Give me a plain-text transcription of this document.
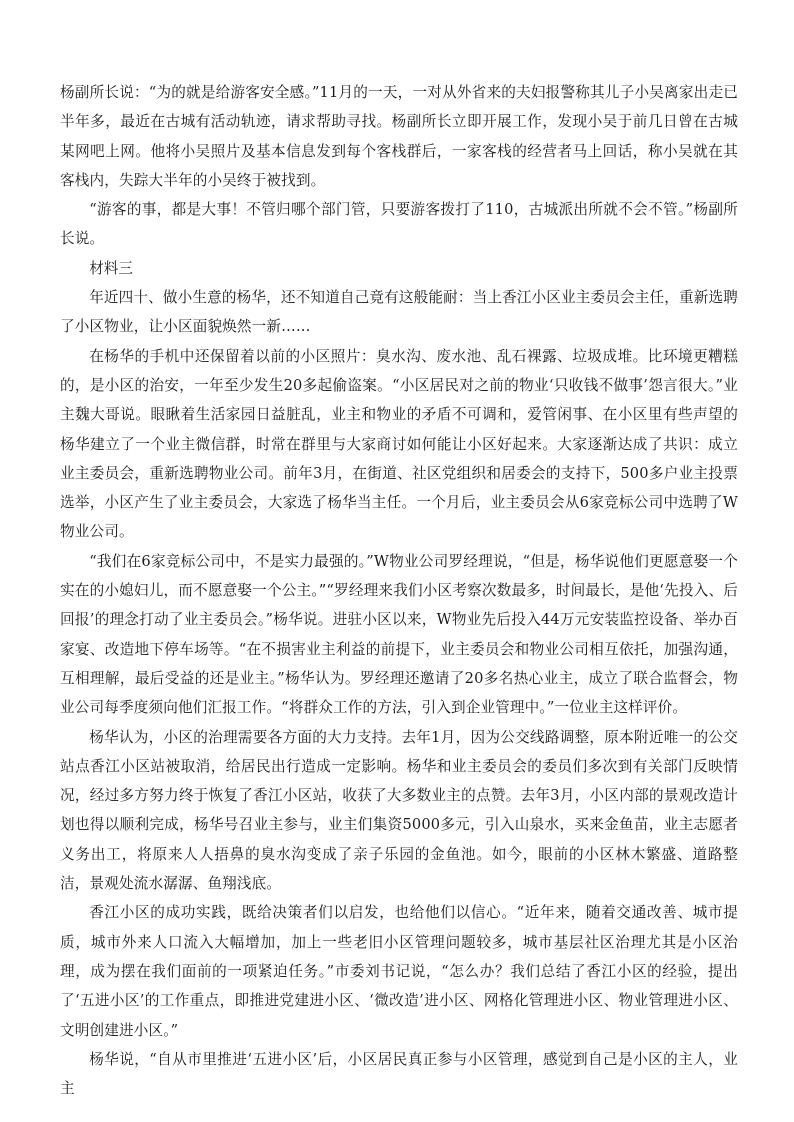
杨副所长说：“为的就是给游客安全感。”11月的一天，一对从外省来的夫妇报警称其儿子小吴离家出走已半年多，最近在古城有活动轨迹，请求帮助寻找。杨副所长立即开展工作，发现小吴于前几日曾在古城某网吧上网。他将小吴照片及基本信息发到每个客栈群后，一家客栈的经营者马上回话，称小吴就在其客栈内，失踪大半年的小吴终于被找到。

“游客的事，都是大事！不管归哪个部门管，只要游客拨打了110，古城派出所就不会不管。”杨副所长说。

材料三

年近四十、做小生意的杨华，还不知道自己竟有这般能耐：当上香江小区业主委员会主任，重新选聘了小区物业，让小区面貌焕然一新……

在杨华的手机中还保留着以前的小区照片：臭水沟、废水池、乱石裸露、垃圾成堆。比环境更糟糕的，是小区的治安，一年至少发生20多起偷盗案。“小区居民对之前的物业‘只收钱不做事’怨言很大。”业主魏大哥说。眼瞅着生活家园日益脏乱，业主和物业的矛盾不可调和，爱管闲事、在小区里有些声望的杨华建立了一个业主微信群，时常在群里与大家商讨如何能让小区好起来。大家逐渐达成了共识：成立业主委员会，重新选聘物业公司。前年3月，在街道、社区党组织和居委会的支持下，500多户业主投票选举，小区产生了业主委员会，大家选了杨华当主任。一个月后，业主委员会从6家竞标公司中选聘了W物业公司。

“我们在6家竞标公司中，不是实力最强的。”W物业公司罗经理说，“但是，杨华说他们更愿意娶一个实在的小媳妇儿，而不愿意娶一个公主。”“罗经理来我们小区考察次数最多，时间最长，是他‘先投入、后回报’的理念打动了业主委员会。”杨华说。进驻小区以来，W物业先后投入44万元安装监控设备、举办百家宴、改造地下停车场等。“在不损害业主利益的前提下，业主委员会和物业公司相互依托，加强沟通，互相理解，最后受益的还是业主。”杨华认为。罗经理还邀请了20多名热心业主，成立了联合监督会，物业公司每季度须向他们汇报工作。“将群众工作的方法，引入到企业管理中。”一位业主这样评价。

杨华认为，小区的治理需要各方面的大力支持。去年1月，因为公交线路调整，原本附近唯一的公交站点香江小区站被取消，给居民出行造成一定影响。杨华和业主委员会的委员们多次到有关部门反映情况，经过多方努力终于恢复了香江小区站，收获了大多数业主的点赞。去年3月，小区内部的景观改造计划也得以顺利完成，杨华号召业主参与，业主们集资5000多元，引入山泉水，买来金鱼苗，业主志愿者义务出工，将原来人人捂鼻的臭水沟变成了亲子乐园的金鱼池。如今，眼前的小区林木繁盛、道路整洁，景观处流水潺潺、鱼翔浅底。

香江小区的成功实践，既给决策者们以启发，也给他们以信心。“近年来，随着交通改善、城市提质，城市外来人口流入大幅增加，加上一些老旧小区管理问题较多，城市基层社区治理尤其是小区治理，成为摆在我们面前的一项紧迫任务。”市委刘书记说，“怎么办？我们总结了香江小区的经验，提出了‘五进小区’的工作重点，即推进党建进小区、‘微改造’进小区、网格化管理进小区、物业管理进小区、文明创建进小区。”

杨华说，“自从市里推进‘五进小区’后，小区居民真正参与小区管理，感觉到自己是小区的主人，业主
